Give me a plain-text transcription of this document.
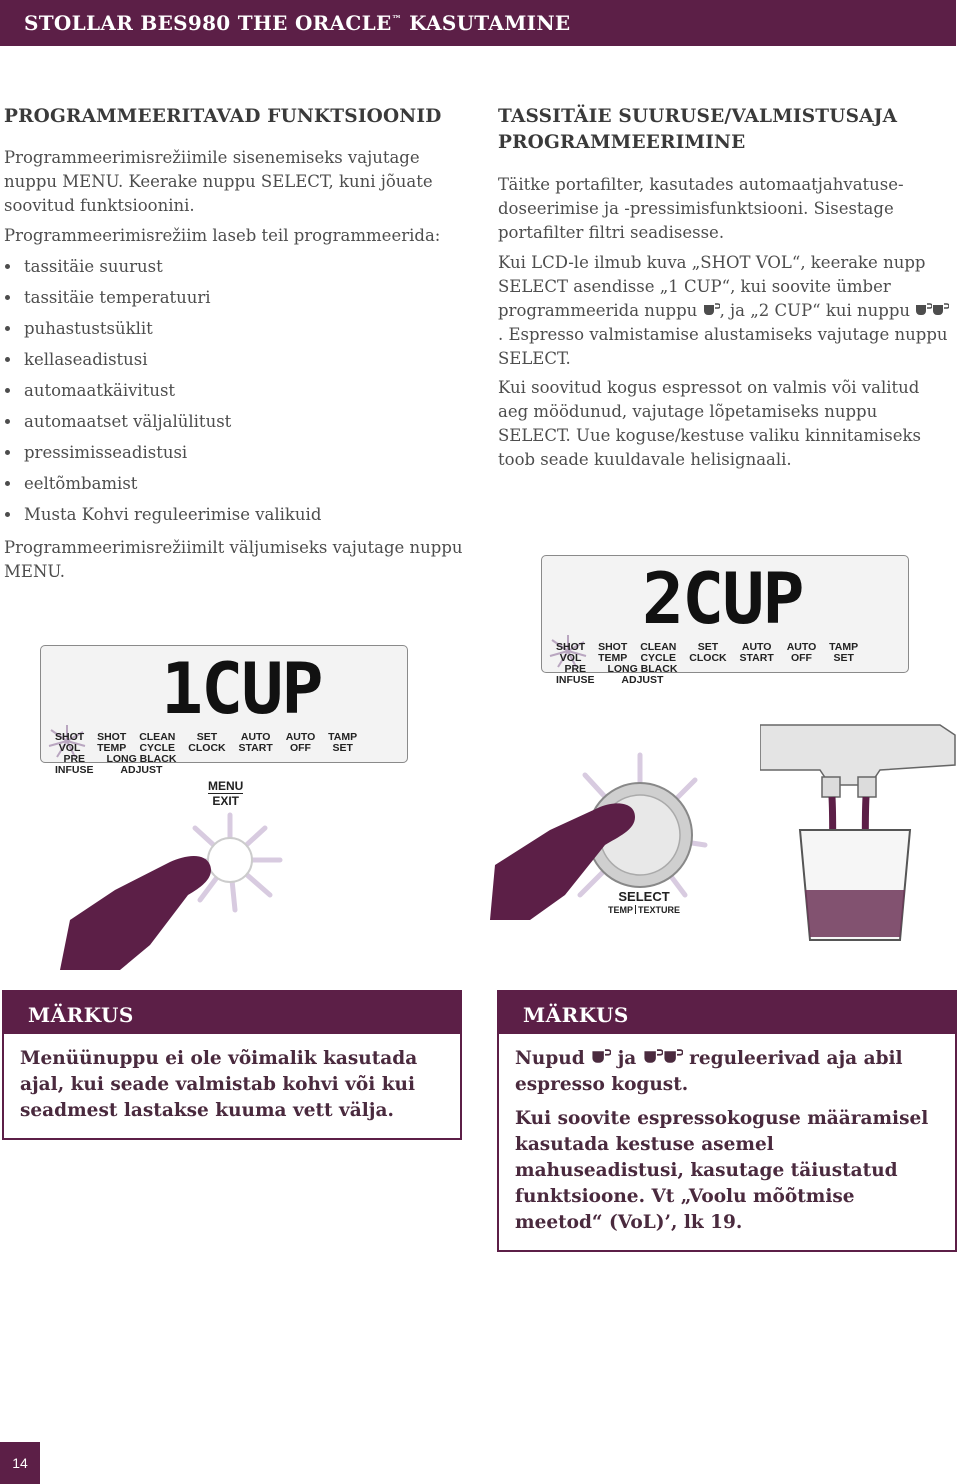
STOLLAR BES980 THE ORACLE™ KASUTAMINE
PROGRAMMEERITAVAD FUNKTSIOONID

Programmeerimisrežiimile sisenemiseks vajutage nuppu MENU. Keerake nuppu SELECT, kuni jõuate soovitud funktsioonini.

Programmeerimisrežiim laseb teil programmeerida:

tassitäie suurust
tassitäie temperatuuri
puhastustsüklit
kellaseadistusi
automaatkäivitust
automaatset väljalülitust
pressimisseadistusi
eeltõmbamist
Musta Kohvi reguleerimise valikuid

Programmeerimisrežiimilt väljumiseks vajutage nuppu MENU.

TASSITÄIE SUURUSE/VALMISTUSAJA PROGRAMMEERIMINE

Täitke portafilter, kasutades automaatjahvatuse-doseerimise ja -pressimisfunktsiooni. Sisestage portafilter filtri seadisesse.

Kui LCD-le ilmub kuva „SHOT VOL“, keerake nupp SELECT asendisse „1 CUP“, kui soovite ümber programmeerida nuppu , ja „2 CUP“ kui nuppu . Espresso valmistamise alustamiseks vajutage nuppu SELECT.

Kui soovitud kogus espressot on valmis või valitud aeg möödunud, vajutage lõpetamiseks nuppu SELECT. Uue koguse/kestuse valiku kinnitamiseks toob seade kuuldavale helisignaali.

2CUP
SHOT
VOL SHOT
TEMP CLEAN
CYCLE SET
CLOCK AUTO
START AUTO
OFF TAMP
SET PRE
INFUSE LONG BLACK
ADJUST
1CUP
SHOT
VOL SHOT
TEMP CLEAN
CYCLE SET
CLOCK AUTO
START AUTO
OFF TAMP
SET PRE
INFUSE LONG BLACK
ADJUST
MENU
EXIT
SELECT
TEMP TEXTURE
MÄRKUS

Menüünuppu ei ole võimalik kasutada ajal, kui seade valmistab kohvi või kui seadmest lastakse kuuma vett välja.

MÄRKUS

Nupud  ja  reguleerivad aja abil espresso kogust.

Kui soovite espressokoguse määramisel kasutada kestuse asemel mahuseadistusi, kasutage täiustatud funktsioone. Vt „Voolu mõõtmise meetod“ (VoL)’, lk 19.

14
